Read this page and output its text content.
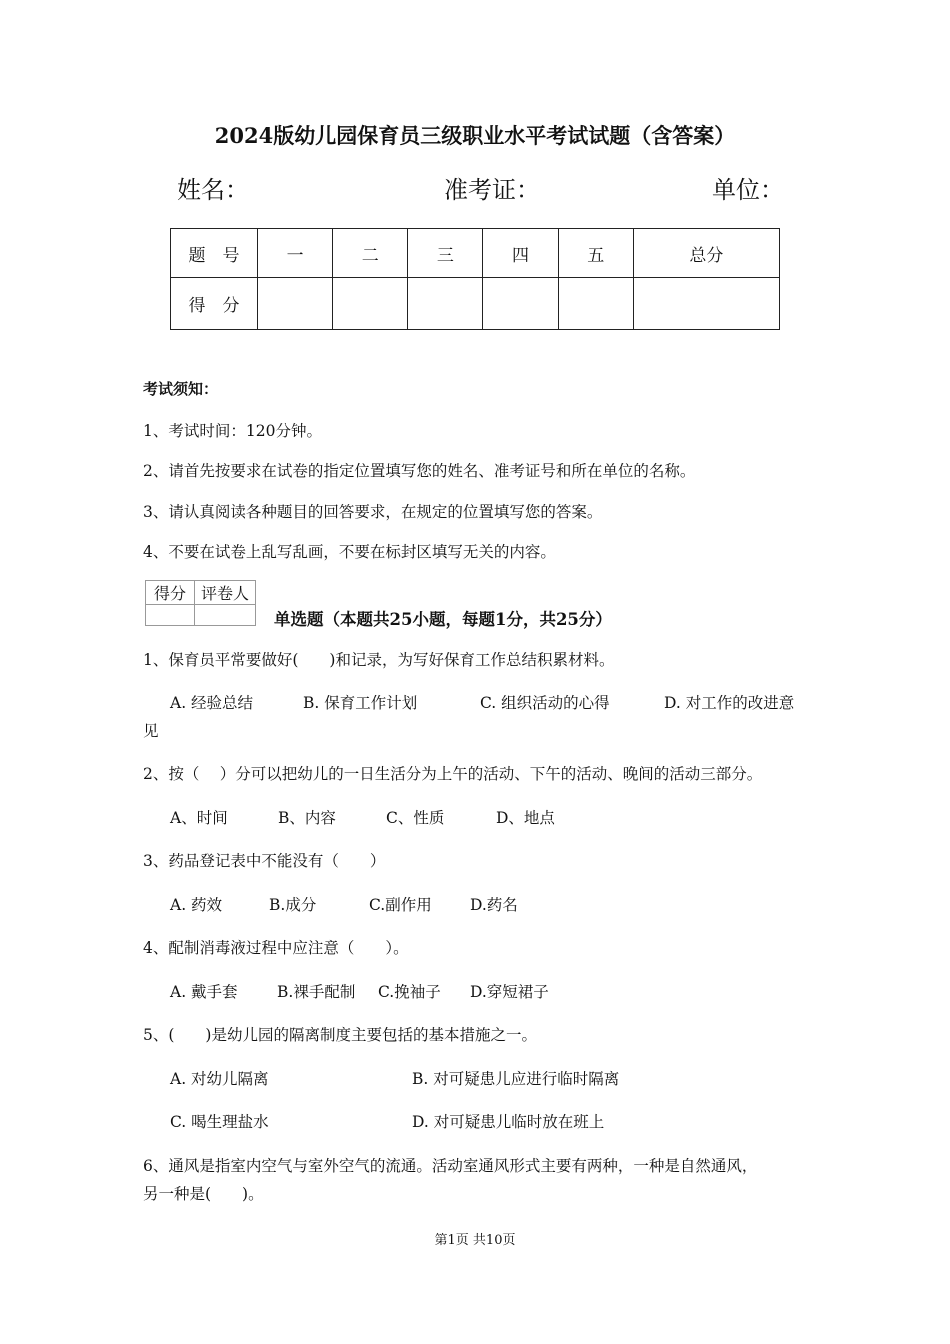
2024版幼儿园保育员三级职业水平考试试题（含答案）
姓名：	准考证：	单位：
题　号	一	二	三	四	五	总分
得　分						
考试须知：
1、考试时间：120分钟。
2、请首先按要求在试卷的指定位置填写您的姓名、准考证号和所在单位的名称。
3、请认真阅读各种题目的回答要求，在规定的位置填写您的答案。
4、不要在试卷上乱写乱画，不要在标封区填写无关的内容。
得分	评卷人

单选题（本题共25小题，每题1分，共25分）
1、保育员平常要做好(　　)和记录，为写好保育工作总结积累材料。
A. 经验总结	B. 保育工作计划	C. 组织活动的心得	D. 对工作的改进意
见
2、按（　 ）分可以把幼儿的一日生活分为上午的活动、下午的活动、晚间的活动三部分。
A、时间	B、内容	C、性质	D、地点
3、药品登记表中不能没有（　　）
A. 药效	B.成分	C.副作用 D.药名
4、配制消毒液过程中应注意（　　）。
A. 戴手套	B.裸手配制 C.挽袖子 D.穿短裙子
5、(　　)是幼儿园的隔离制度主要包括的基本措施之一。
A. 对幼儿隔离	B. 对可疑患儿应进行临时隔离
C. 喝生理盐水	D. 对可疑患儿临时放在班上
6、通风是指室内空气与室外空气的流通。活动室通风形式主要有两种，一种是自然通风，
另一种是(　　)。
第1页 共10页
